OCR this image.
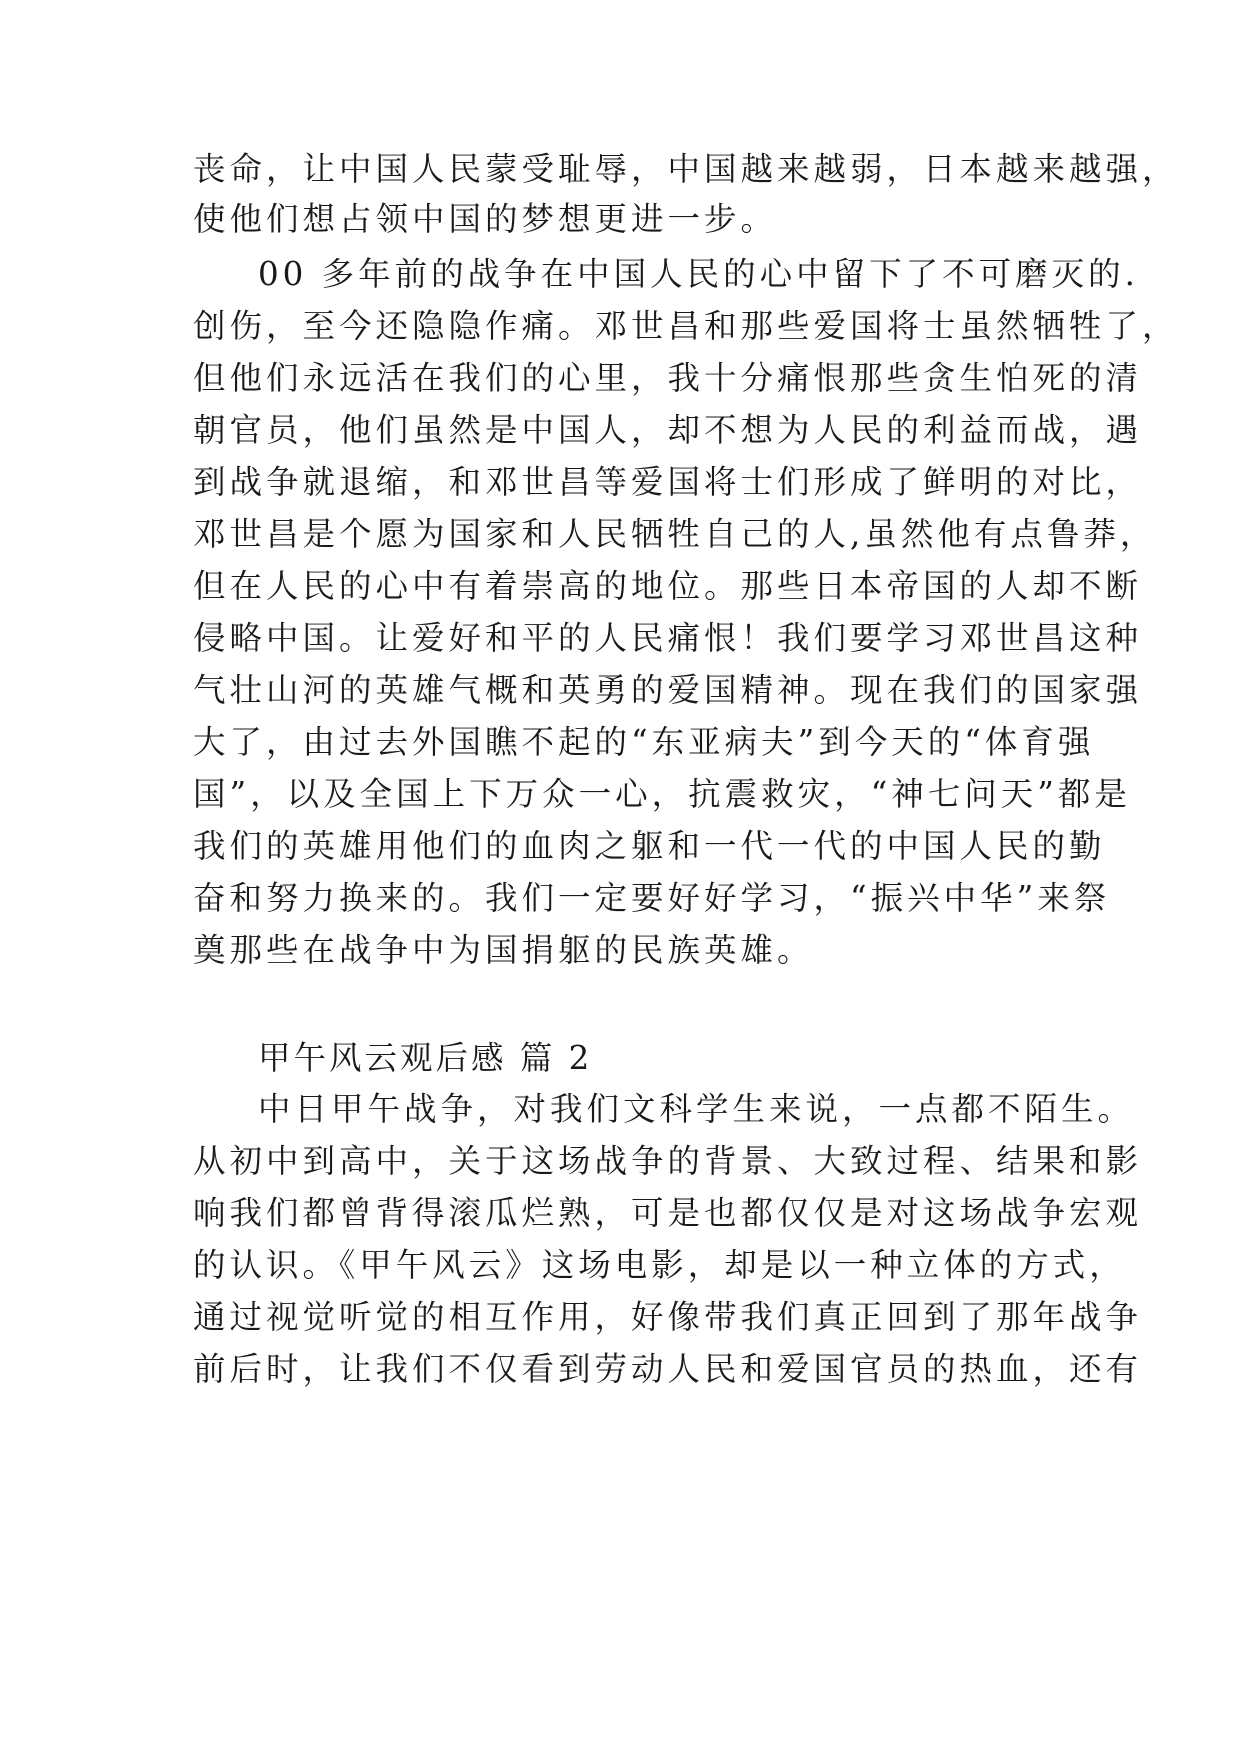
丧命，让中国人民蒙受耻辱，中国越来越弱，日本越来越强，
使他们想占领中国的梦想更进一步。
00 多年前的战争在中国人民的心中留下了不可磨灭的.
创伤，至今还隐隐作痛。邓世昌和那些爱国将士虽然牺牲了，
但他们永远活在我们的心里，我十分痛恨那些贪生怕死的清
朝官员，他们虽然是中国人，却不想为人民的利益而战，遇
到战争就退缩，和邓世昌等爱国将士们形成了鲜明的对比，
邓世昌是个愿为国家和人民牺牲自己的人,虽然他有点鲁莽，
但在人民的心中有着崇高的地位。那些日本帝国的人却不断
侵略中国。让爱好和平的人民痛恨！我们要学习邓世昌这种
气壮山河的英雄气概和英勇的爱国精神。现在我们的国家强
大了，由过去外国瞧不起的“东亚病夫”到今天的“体育强
国”，以及全国上下万众一心，抗震救灾，“神七问天”都是
我们的英雄用他们的血肉之躯和一代一代的中国人民的勤
奋和努力换来的。我们一定要好好学习，“振兴中华”来祭
奠那些在战争中为国捐躯的民族英雄。
甲午风云观后感 篇 2
中日甲午战争，对我们文科学生来说，一点都不陌生。
从初中到高中，关于这场战争的背景、大致过程、结果和影
响我们都曾背得滚瓜烂熟，可是也都仅仅是对这场战争宏观
的认识。《甲午风云》这场电影，却是以一种立体的方式，
通过视觉听觉的相互作用，好像带我们真正回到了那年战争
前后时，让我们不仅看到劳动人民和爱国官员的热血，还有
